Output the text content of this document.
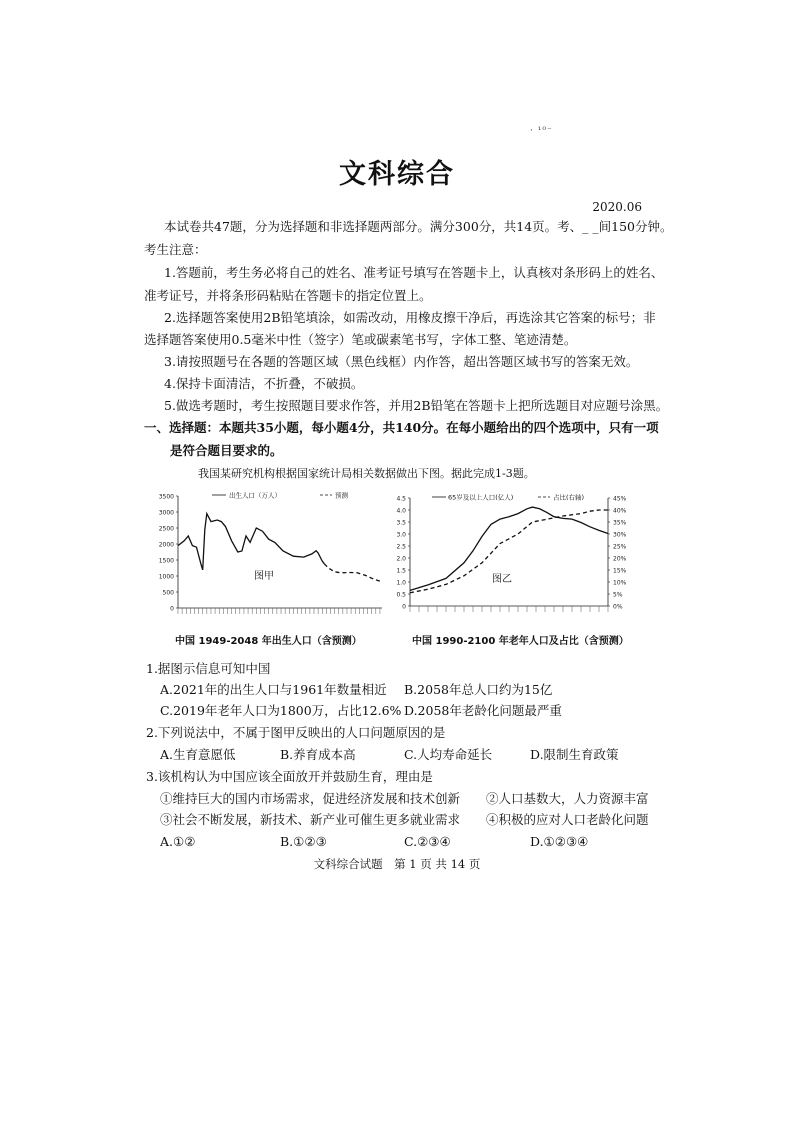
· ¹⁰⁻
文科综合
2020.06
本试卷共47题，分为选择题和非选择题两部分。满分300分，共14页。考、_ _间150分钟。
考生注意：
1.答题前，考生务必将自己的姓名、准考证号填写在答题卡上，认真核对条形码上的姓名、
准考证号，并将条形码粘贴在答题卡的指定位置上。
2.选择题答案使用2B铅笔填涂，如需改动，用橡皮擦干净后，再选涂其它答案的标号；非
选择题答案使用0.5毫米中性（签字）笔或碳素笔书写，字体工整、笔迹清楚。
3.请按照题号在各题的答题区域（黑色线框）内作答，超出答题区域书写的答案无效。
4.保持卡面清洁，不折叠，不破损。
5.做选考题时，考生按照题目要求作答，并用2B铅笔在答题卡上把所选题目对应题号涂黑。
一、选择题：本题共35小题，每小题4分，共140分。在每小题给出的四个选项中，只有一项
是符合题目要求的。
我国某研究机构根据国家统计局相关数据做出下图。据此完成1-3题。
0
500
1000
1500
2000
2500
3000
3500	出生人口（万人）	预测
图甲
中国 1949-2048 年出生人口（含预测）
0
0.5
1.0
1.5
2.0
2.5
3.0
3.5
4.0
4.5
0%
5%
10%
15%
20%
25%
30%
35%
40%
45%
65岁及以上人口(亿人)	占比(右轴)
图乙
中国 1990-2100 年老年人口及占比（含预测）
1.据图示信息可知中国
A.2021年的出生人口与1961年数量相近 B.2058年总人口约为15亿
C.2019年老年人口为1800万，占比12.6% D.2058年老龄化问题最严重
2.下列说法中，不属于图甲反映出的人口问题原因的是
A.生育意愿低	B.养育成本高	C.人均寿命延长	D.限制生育政策
3.该机构认为中国应该全面放开并鼓励生育，理由是
①维持巨大的国内市场需求，促进经济发展和技术创新 ②人口基数大，人力资源丰富
③社会不断发展，新技术、新产业可催生更多就业需求 ④积极的应对人口老龄化问题
A.①②	B.①②③	C.②③④	D.①②③④
文科综合试题　第 1 页 共 14 页
